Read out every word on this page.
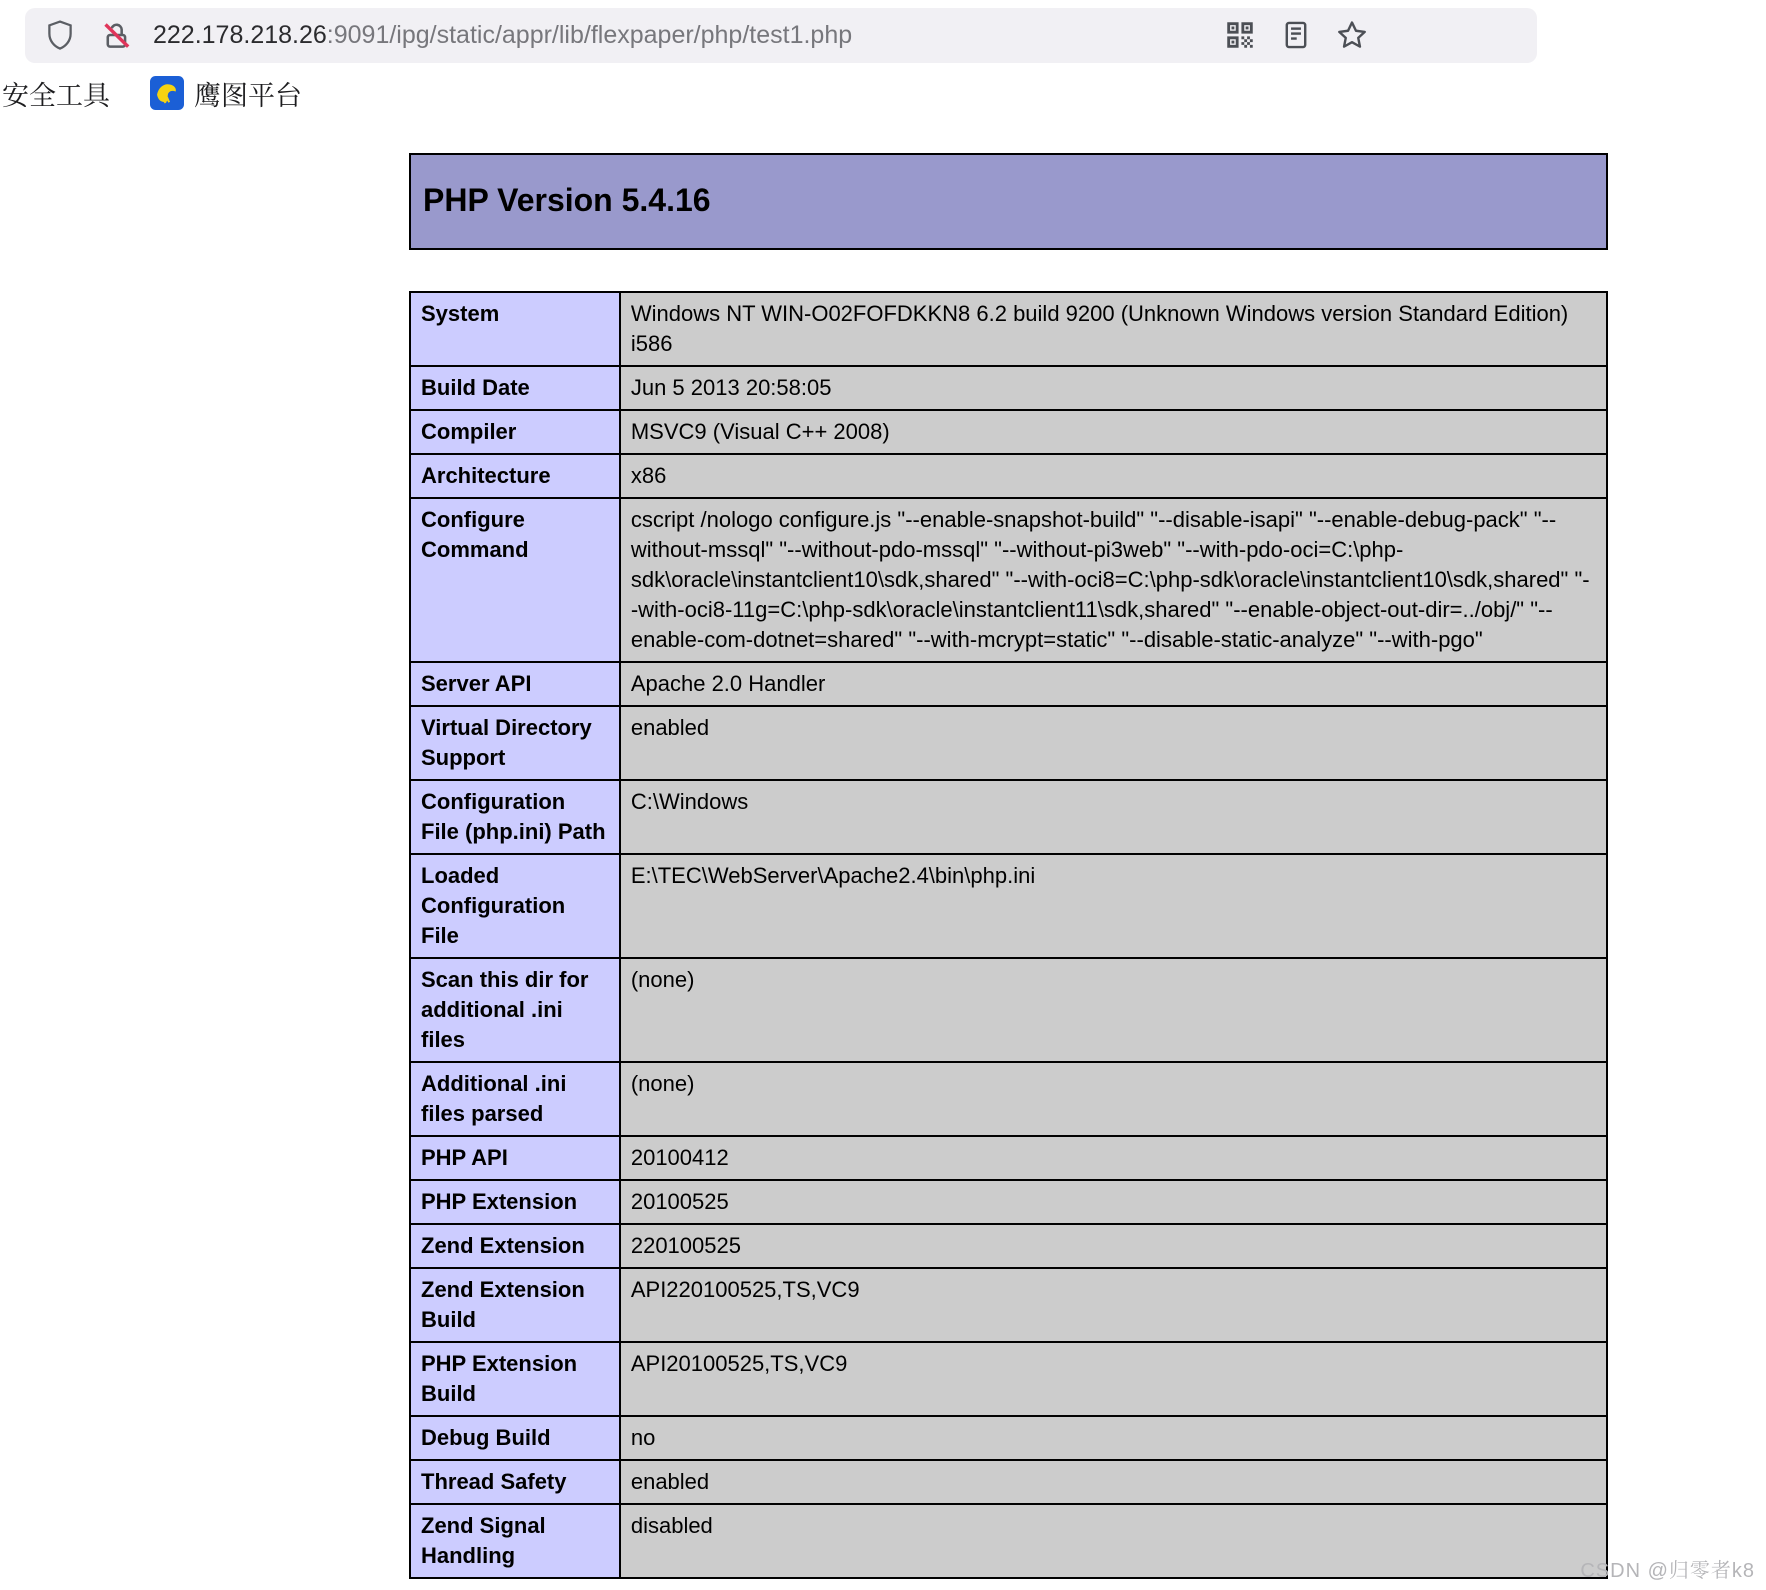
222.178.218.26:9091/ipg/static/appr/lib/flexpaper/php/test1.php
安全工具	鹰图平台
PHP Version 5.4.16
System	Windows NT WIN-O02FOFDKKN8 6.2 build 9200 (Unknown Windows version Standard Edition) i586
Build Date	Jun 5 2013 20:58:05
Compiler	MSVC9 (Visual C++ 2008)
Architecture	x86
Configure Command	cscript /nologo configure.js "--enable-snapshot-build" "--disable-isapi" "--enable-debug-pack" "--without-mssql" "--without-pdo-mssql" "--without-pi3web" "--with-pdo-oci=C:\php-sdk\oracle\instantclient10\sdk,shared" "--with-oci8=C:\php-sdk\oracle\instantclient10\sdk,shared" "--with-oci8-11g=C:\php-sdk\oracle\instantclient11\sdk,shared" "--enable-object-out-dir=../obj/" "--enable-com-dotnet=shared" "--with-mcrypt=static" "--disable-static-analyze" "--with-pgo"
Server API	Apache 2.0 Handler
Virtual Directory Support	enabled
Configuration File (php.ini) Path	C:\Windows
Loaded Configuration File	E:\TEC\WebServer\Apache2.4\bin\php.ini
Scan this dir for additional .ini files	(none)
Additional .ini files parsed	(none)
PHP API	20100412
PHP Extension	20100525
Zend Extension	220100525
Zend Extension Build	API220100525,TS,VC9
PHP Extension Build	API20100525,TS,VC9
Debug Build	no
Thread Safety	enabled
Zend Signal Handling	disabled
CSDN @归零者k8
